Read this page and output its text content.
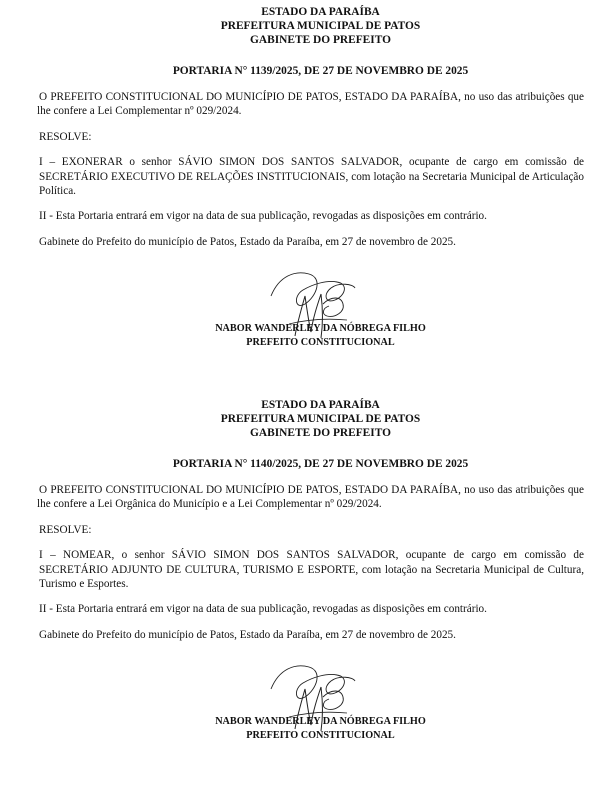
ESTADO DA PARAÍBA
PREFEITURA MUNICIPAL DE PATOS
GABINETE DO PREFEITO
PORTARIA N° 1139/2025, DE 27 DE NOVEMBRO DE 2025

O PREFEITO CONSTITUCIONAL DO MUNICÍPIO DE PATOS, ESTADO DA PARAÍBA, no uso das atribuições que lhe confere a Lei Complementar nº 029/2024.

RESOLVE:

I – EXONERAR o senhor SÁVIO SIMON DOS SANTOS SALVADOR, ocupante de cargo em comissão de SECRETÁRIO EXECUTIVO DE RELAÇÕES INSTITUCIONAIS, com lotação na Secretaria Municipal de Articulação Política.

II - Esta Portaria entrará em vigor na data de sua publicação, revogadas as disposições em contrário.

Gabinete do Prefeito do município de Patos, Estado da Paraíba, em 27 de novembro de 2025.

NABOR WANDERLEY DA NÓBREGA FILHO
PREFEITO CONSTITUCIONAL
ESTADO DA PARAÍBA
PREFEITURA MUNICIPAL DE PATOS
GABINETE DO PREFEITO
PORTARIA N° 1140/2025, DE 27 DE NOVEMBRO DE 2025

O PREFEITO CONSTITUCIONAL DO MUNICÍPIO DE PATOS, ESTADO DA PARAÍBA, no uso das atribuições que lhe confere a Lei Orgânica do Município e a Lei Complementar nº 029/2024.

RESOLVE:

I – NOMEAR, o senhor SÁVIO SIMON DOS SANTOS SALVADOR, ocupante de cargo em comissão de SECRETÁRIO ADJUNTO DE CULTURA, TURISMO E ESPORTE, com lotação na Secretaria Municipal de Cultura, Turismo e Esportes.

II - Esta Portaria entrará em vigor na data de sua publicação, revogadas as disposições em contrário.

Gabinete do Prefeito do município de Patos, Estado da Paraíba, em 27 de novembro de 2025.

NABOR WANDERLEY DA NÓBREGA FILHO
PREFEITO CONSTITUCIONAL
